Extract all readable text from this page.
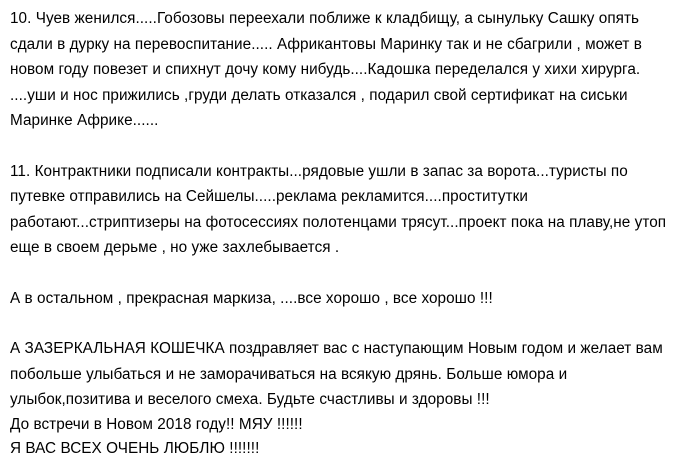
10. Чуев женился.....Гобозовы переехали поближе к кладбищу, а сынульку Сашку опять сдали в дурку на перевоспитание..... Африкантовы Маринку так и не сбагрили , может в новом году повезет и спихнут дочу кому нибудь....Кадошка переделался у хихи хирурга. ....уши и нос прижились ,груди делать отказался , подарил свой сертификат на сиськи Маринке Африке......

11. Контрактники подписали контракты...рядовые ушли в запас за ворота...туристы по путевке отправились на Сейшелы.....реклама рекламится....проститутки работают...стриптизеры на фотосессиях полотенцами трясут...проект пока на плаву,не утоп еще в своем дерьме , но уже захлебывается .

А в остальном , прекрасная маркиза, ....все хорошо , все хорошо !!!

А ЗАЗЕРКАЛЬНАЯ КОШЕЧКА поздравляет вас с наступающим Новым годом и желает вам побольше улыбаться и не заморачиваться на всякую дрянь. Больше юмора и улыбок,позитива и веселого смеха. Будьте счастливы и здоровы !!!

До встречи в Новом 2018 году!! МЯУ !!!!!!

Я ВАС ВСЕХ ОЧЕНЬ ЛЮБЛЮ !!!!!!!
